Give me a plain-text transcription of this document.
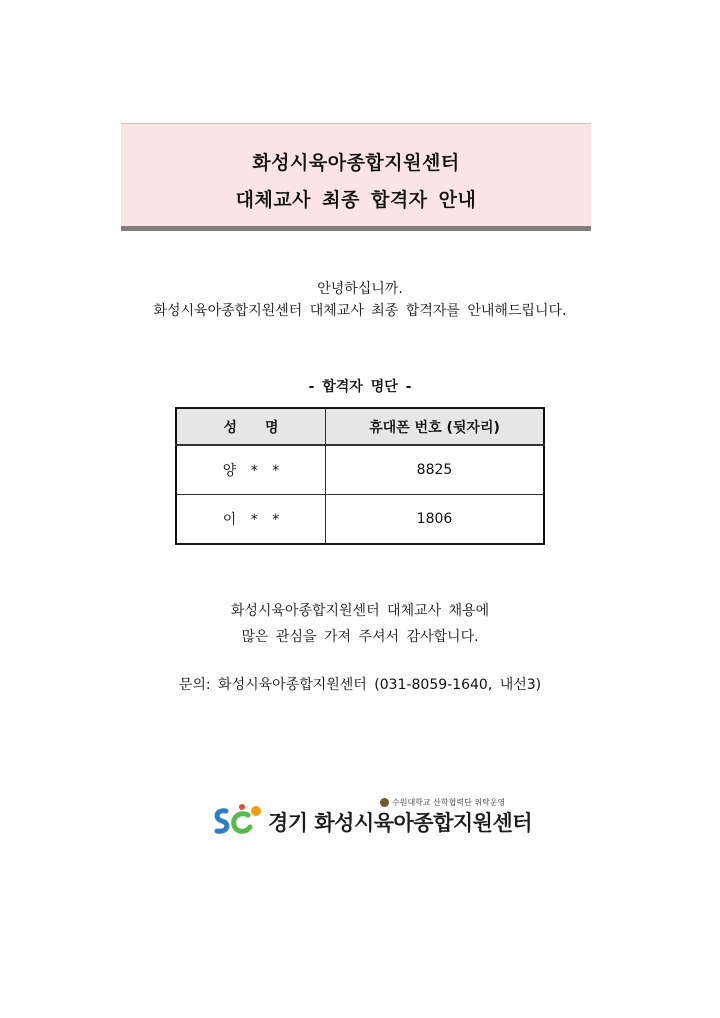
화성시육아종합지원센터
대체교사 최종 합격자 안내
안녕하십니까.
화성시육아종합지원센터 대체교사 최종 합격자를 안내해드립니다.
- 합격자 명단 -
성　　명	휴대폰 번호 (뒷자리)
양 * *	8825
이 * *	1806
화성시육아종합지원센터 대체교사 채용에
많은 관심을 가져 주셔서 감사합니다.
문의: 화성시육아종합지원센터 (031-8059-1640, 내선3)
경기 화성시육아종합지원센터
수원대학교 산학협력단 위탁운영
